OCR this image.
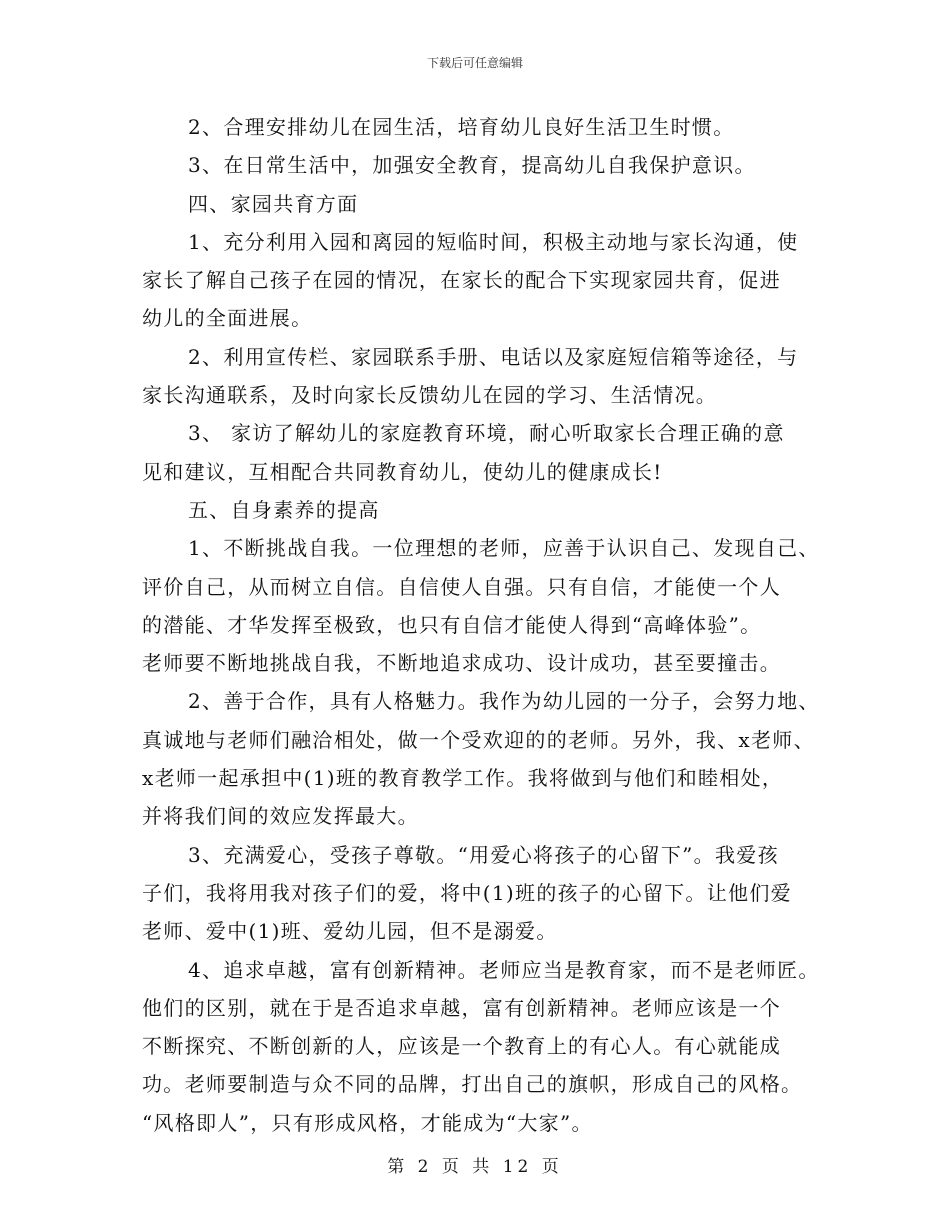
下载后可任意编辑
2、合理安排幼儿在园生活，培育幼儿良好生活卫生时惯。
3、在日常生活中，加强安全教育，提高幼儿自我保护意识。
四、家园共育方面
1、充分利用入园和离园的短临时间，积极主动地与家长沟通，使
家长了解自己孩子在园的情况，在家长的配合下实现家园共育，促进
幼儿的全面进展。
2、利用宣传栏、家园联系手册、电话以及家庭短信箱等途径，与
家长沟通联系，及时向家长反馈幼儿在园的学习、生活情况。
3、 家访了解幼儿的家庭教育环境，耐心听取家长合理正确的意
见和建议，互相配合共同教育幼儿，使幼儿的健康成长!
五、自身素养的提高
1、不断挑战自我。一位理想的老师，应善于认识自己、发现自己、
评价自己，从而树立自信。自信使人自强。只有自信，才能使一个人
的潜能、才华发挥至极致，也只有自信才能使人得到“高峰体验”。
老师要不断地挑战自我，不断地追求成功、设计成功，甚至要撞击。
2、善于合作，具有人格魅力。我作为幼儿园的一分子，会努力地、
真诚地与老师们融洽相处，做一个受欢迎的的老师。另外，我、x老师、
x老师一起承担中(1)班的教育教学工作。我将做到与他们和睦相处，
并将我们间的效应发挥最大。
3、充满爱心，受孩子尊敬。“用爱心将孩子的心留下”。我爱孩
子们，我将用我对孩子们的爱，将中(1)班的孩子的心留下。让他们爱
老师、爱中(1)班、爱幼儿园，但不是溺爱。
4、追求卓越，富有创新精神。老师应当是教育家，而不是老师匠。
他们的区别，就在于是否追求卓越，富有创新精神。老师应该是一个
不断探究、不断创新的人，应该是一个教育上的有心人。有心就能成
功。老师要制造与众不同的品牌，打出自己的旗帜，形成自己的风格。
“风格即人”，只有形成风格，才能成为“大家”。
第 2 页 共 12 页
